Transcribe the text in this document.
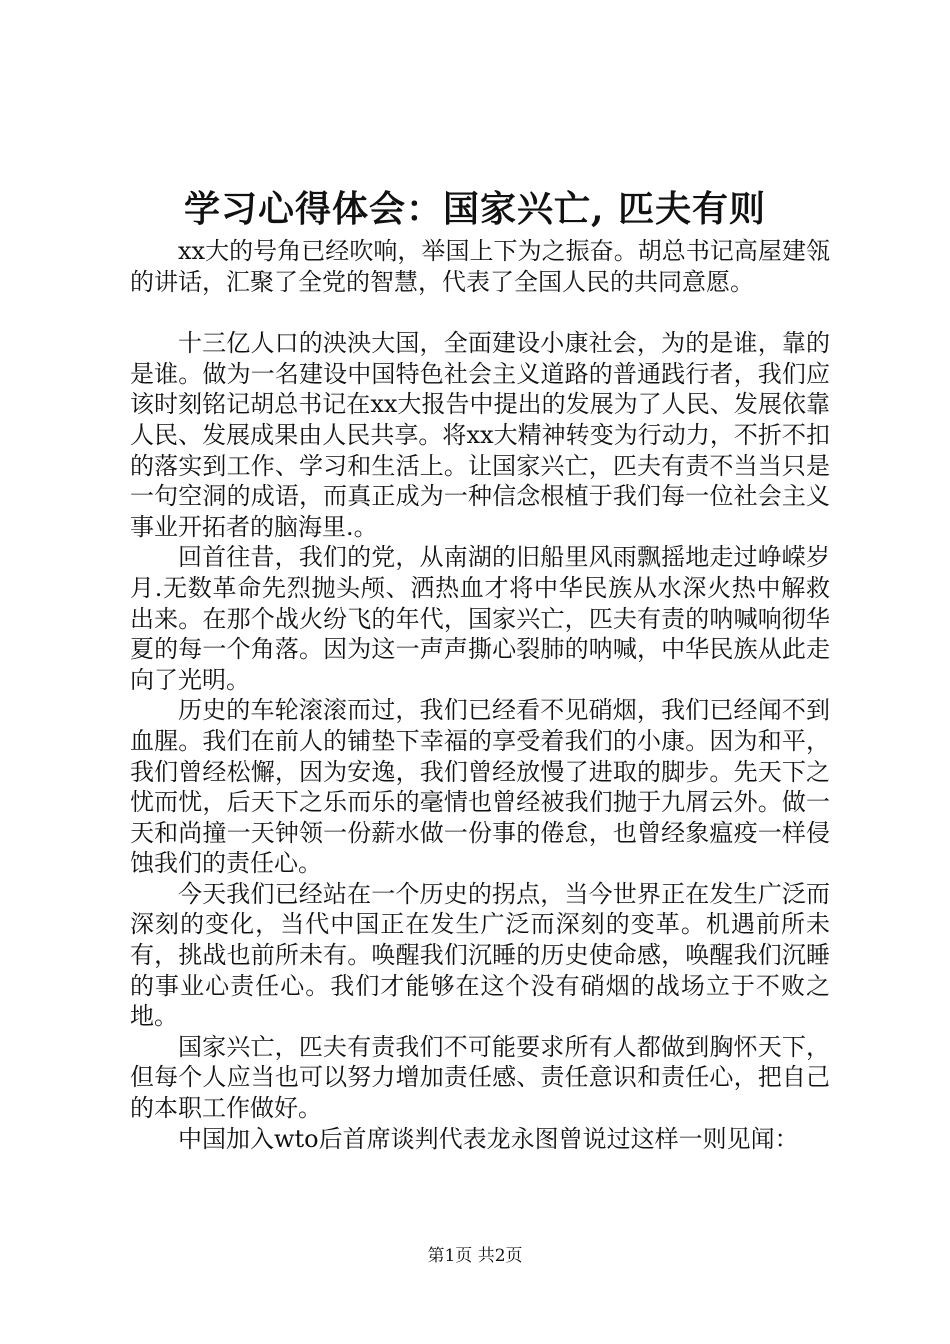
学习心得体会：国家兴亡, 匹夫有则

xx大的号角已经吹响，举国上下为之振奋。胡总书记高屋建瓴的讲话，汇聚了全党的智慧，代表了全国人民的共同意愿。

十三亿人口的泱泱大国，全面建设小康社会，为的是谁，靠的是谁。做为一名建设中国特色社会主义道路的普通践行者，我们应该时刻铭记胡总书记在xx大报告中提出的发展为了人民、发展依靠人民、发展成果由人民共享。将xx大精神转变为行动力，不折不扣的落实到工作、学习和生活上。让国家兴亡，匹夫有责不当当只是一句空洞的成语，而真正成为一种信念根植于我们每一位社会主义事业开拓者的脑海里.。

回首往昔，我们的党，从南湖的旧船里风雨飘摇地走过峥嵘岁月.无数革命先烈抛头颅、洒热血才将中华民族从水深火热中解救出来。在那个战火纷飞的年代，国家兴亡，匹夫有责的呐喊响彻华夏的每一个角落。因为这一声声撕心裂肺的呐喊，中华民族从此走向了光明。

历史的车轮滚滚而过，我们已经看不见硝烟，我们已经闻不到血腥。我们在前人的铺垫下幸福的享受着我们的小康。因为和平，我们曾经松懈，因为安逸，我们曾经放慢了进取的脚步。先天下之忧而忧，后天下之乐而乐的毫情也曾经被我们抛于九屑云外。做一天和尚撞一天钟领一份薪水做一份事的倦怠，也曾经象瘟疫一样侵蚀我们的责任心。

今天我们已经站在一个历史的拐点，当今世界正在发生广泛而深刻的变化，当代中国正在发生广泛而深刻的变革。机遇前所未有，挑战也前所未有。唤醒我们沉睡的历史使命感，唤醒我们沉睡的事业心责任心。我们才能够在这个没有硝烟的战场立于不败之地。

国家兴亡，匹夫有责我们不可能要求所有人都做到胸怀天下，但每个人应当也可以努力增加责任感、责任意识和责任心，把自己的本职工作做好。

中国加入wto后首席谈判代表龙永图曾说过这样一则见闻：

第1页 共2页
